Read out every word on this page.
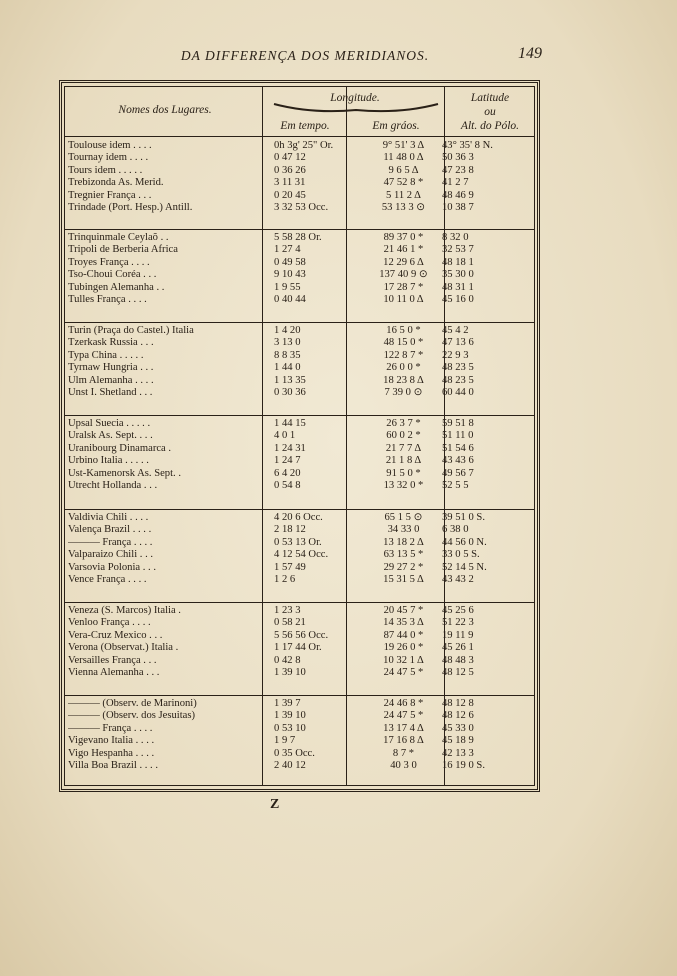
DA DIFFERENÇA DOS MERIDIANOS.	149
Nomes dos Lugares.
Longitude.
Em tempo.	Em gráos.
Latitude
ou
Alt. do Pólo.
Toulouse idem . . . .	0h 3g' 25" Or.	9° 51' 3 Δ	43° 35' 8 N.
Tournay idem . . . .	0 47 12	11 48 0 Δ	50 36 3
Tours idem . . . . .	0 36 26	9 6 5 Δ	47 23 8
Trebizonda As. Merid.	3 11 31	47 52 8 *	41 2 7
Tregnier França . . .	0 20 45	5 11 2 Δ	48 46 9
Trindade (Port. Hesp.) Antill.	3 32 53 Occ.	53 13 3 ⊙	10 38 7
Trinquinmale Ceylaõ . .	5 58 28 Or.	89 37 0 *	8 32 0
Tripoli de Berberia Africa	1 27 4	21 46 1 *	32 53 7
Troyes França . . . .	0 49 58	12 29 6 Δ	48 18 1
Tso-Choui Coréa . . .	9 10 43	137 40 9 ⊙	35 30 0
Tubingen Alemanha . .	1 9 55	17 28 7 *	48 31 1
Tulles França . . . .	0 40 44	10 11 0 Δ	45 16 0
Turin (Praça do Castel.) Italia	1 4 20	16 5 0 *	45 4 2
Tzerkask Russia . . .	3 13 0	48 15 0 *	47 13 6
Typa China . . . . .	8 8 35	122 8 7 *	22 9 3
Tyrnaw Hungria . . .	1 44 0	26 0 0 *	48 23 5
Ulm Alemanha . . . .	1 13 35	18 23 8 Δ	48 23 5
Unst I. Shetland . . .	0 30 36	7 39 0 ⊙	60 44 0
Upsal Suecia . . . . .	1 44 15	26 3 7 *	59 51 8
Uralsk As. Sept. . . .	4 0 1	60 0 2 *	51 11 0
Uranibourg Dinamarca .	1 24 31	21 7 7 Δ	51 54 6
Urbino Italia . . . . .	1 24 7	21 1 8 Δ	43 43 6
Ust-Kamenorsk As. Sept. .	6 4 20	91 5 0 *	49 56 7
Utrecht Hollanda . . .	0 54 8	13 32 0 *	52 5 5
Valdivia Chili . . . .	4 20 6 Occ.	65 1 5 ⊙	39 51 0 S.
Valença Brazil . . . .	2 18 12	34 33 0	6 38 0
——— França . . . .	0 53 13 Or.	13 18 2 Δ	44 56 0 N.
Valparaizo Chili . . .	4 12 54 Occ.	63 13 5 *	33 0 5 S.
Varsovia Polonia . . .	1 57 49	29 27 2 *	52 14 5 N.
Vence França . . . .	1 2 6	15 31 5 Δ	43 43 2
Veneza (S. Marcos) Italia .	1 23 3	20 45 7 *	45 25 6
Venloo França . . . .	0 58 21	14 35 3 Δ	51 22 3
Vera-Cruz Mexico . . .	5 56 56 Occ.	87 44 0 *	19 11 9
Verona (Observat.) Italia .	1 17 44 Or.	19 26 0 *	45 26 1
Versailles França . . .	0 42 8	10 32 1 Δ	48 48 3
Vienna Alemanha . . .	1 39 10	24 47 5 *	48 12 5
——— (Observ. de Marinoni)	1 39 7	24 46 8 *	48 12 8
——— (Observ. dos Jesuitas)	1 39 10	24 47 5 *	48 12 6
——— França . . . .	0 53 10	13 17 4 Δ	45 33 0
Vigevano Italia . . . .	1 9 7	17 16 8 Δ	45 18 9
Vigo Hespanha . . . .	0 35 Occ.	8 7 *	42 13 3
Villa Boa Brazil . . . .	2 40 12	40 3 0	16 19 0 S.
Z
